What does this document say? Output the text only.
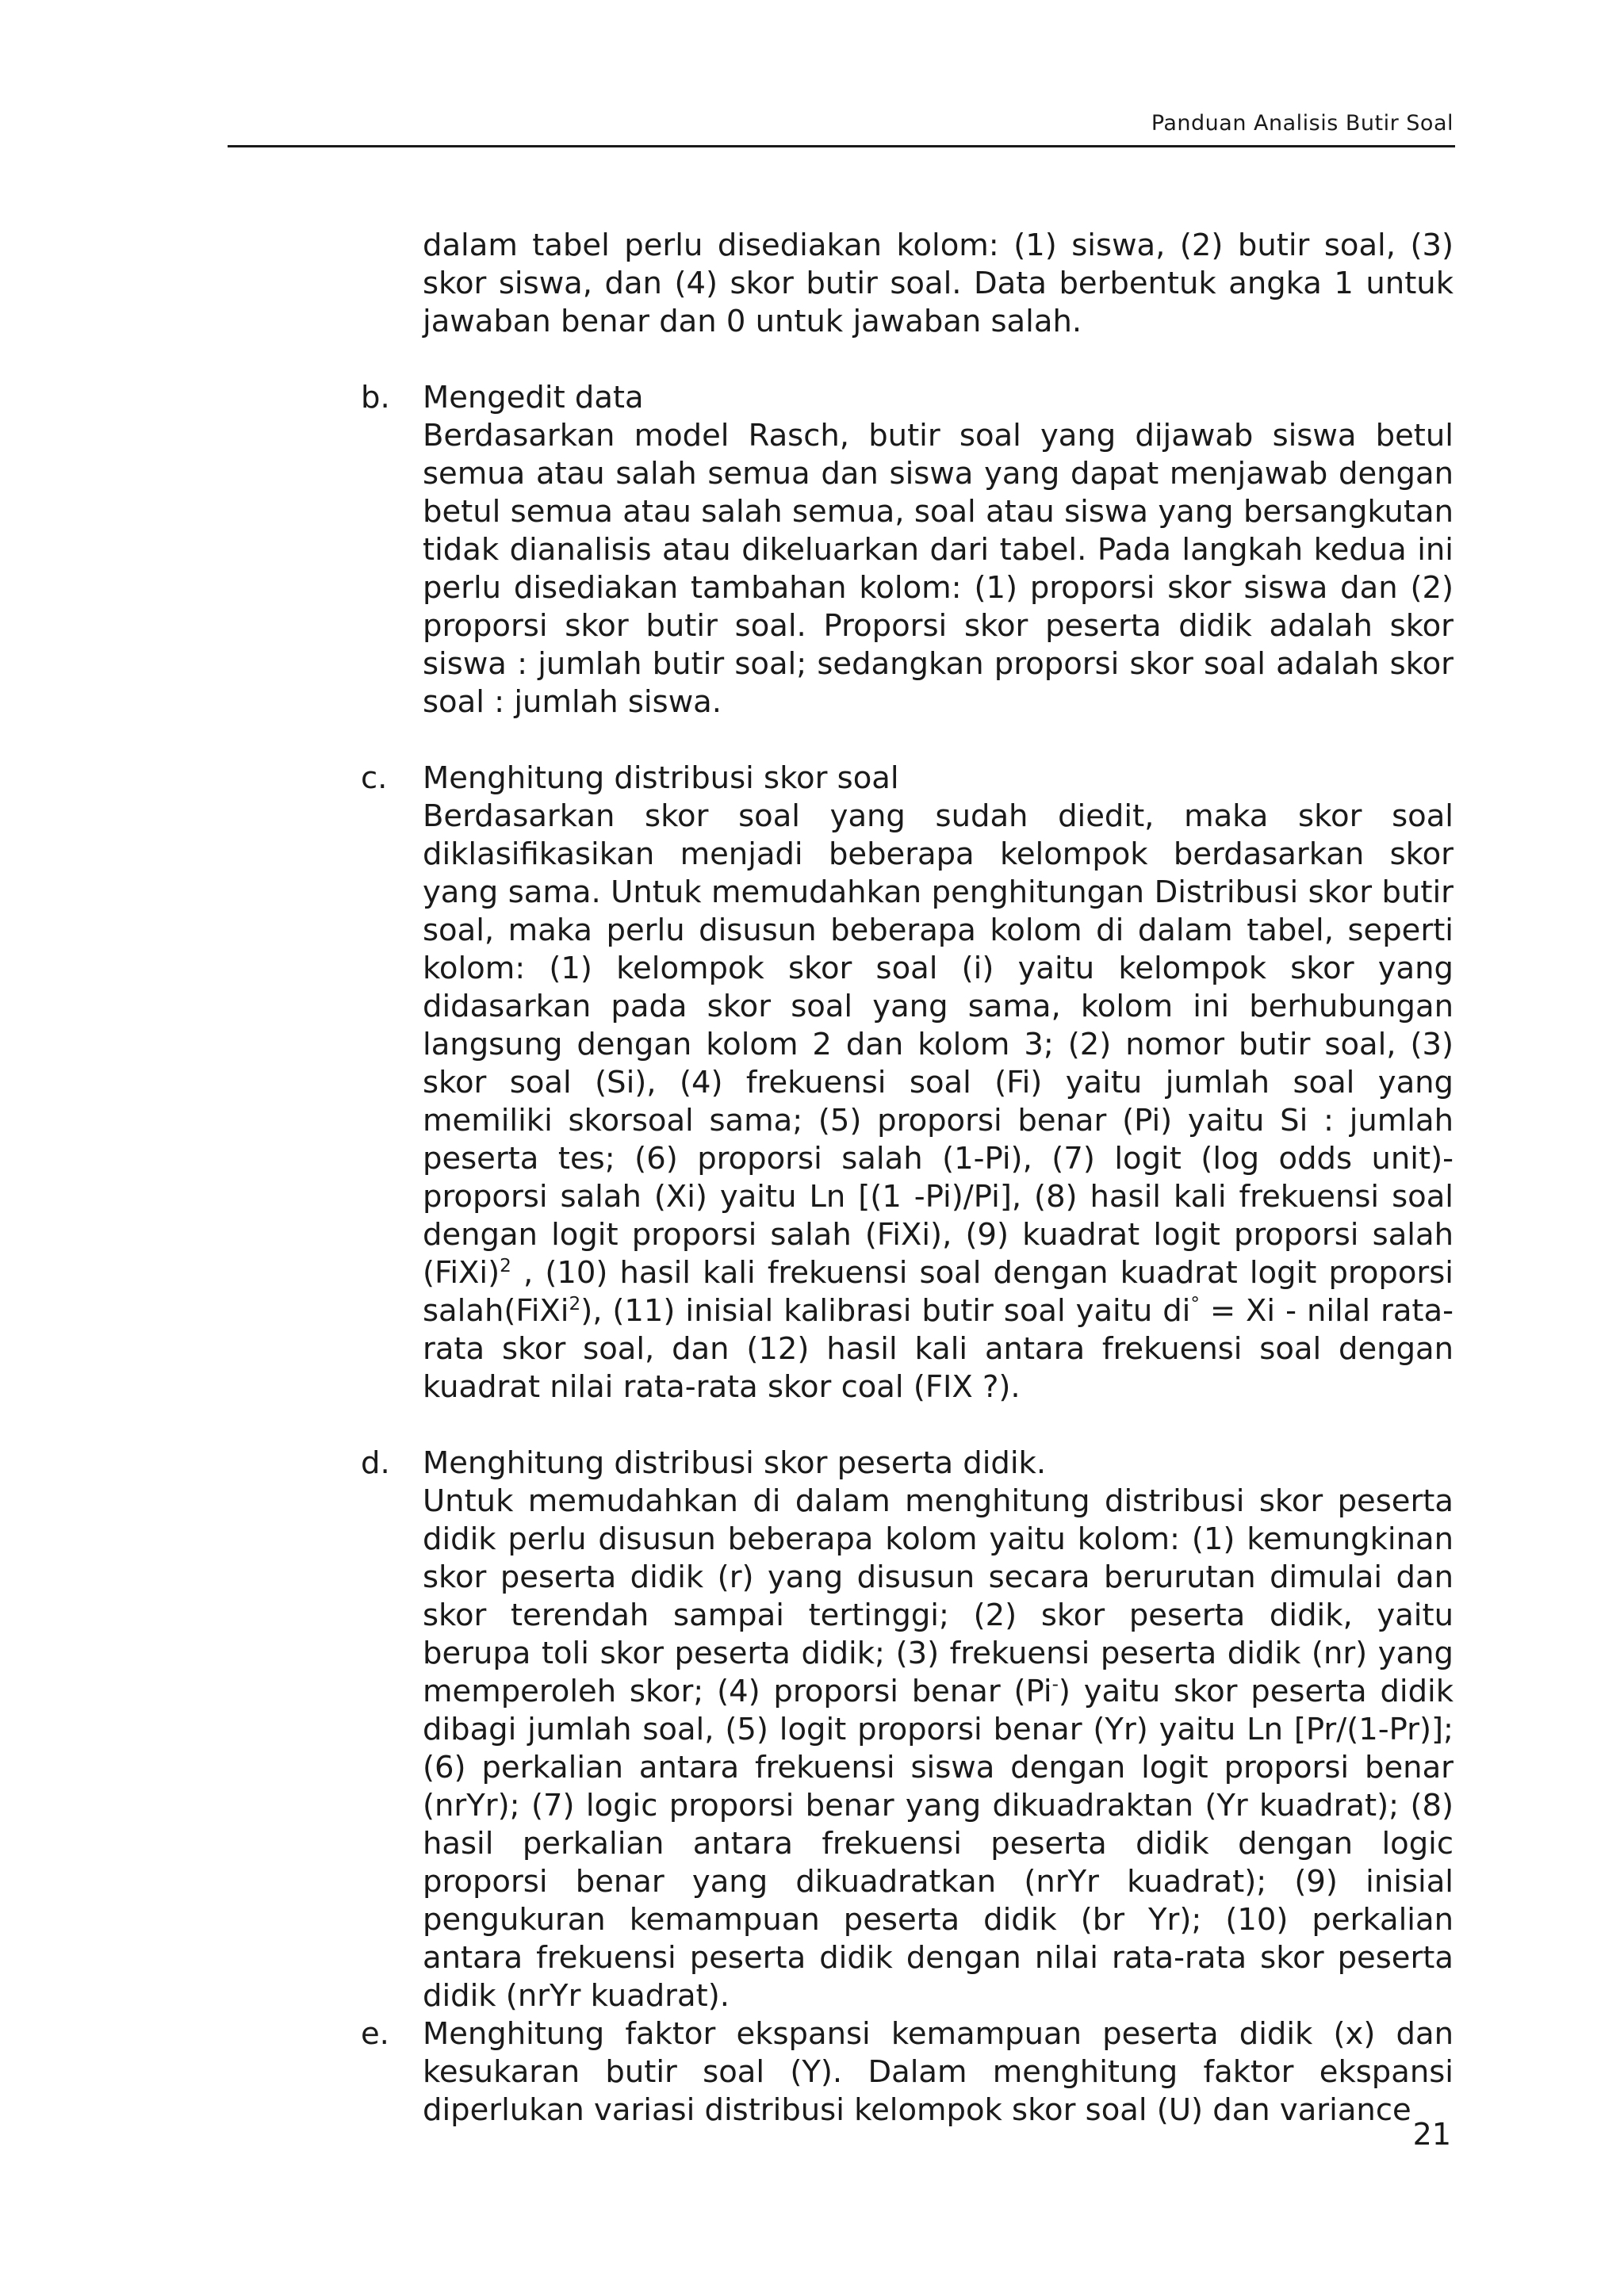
Panduan Analisis Butir Soal

dalam tabel perlu disediakan kolom: (1) siswa, (2) butir soal, (3) skor siswa, dan (4) skor butir soal. Data berbentuk angka 1 untuk jawaban benar dan 0 untuk jawaban salah.

b. Mengedit data

Berdasarkan model Rasch, butir soal yang dijawab siswa betul semua atau salah semua dan siswa yang dapat menjawab dengan betul semua atau salah semua, soal atau siswa yang bersangkutan tidak dianalisis atau dikeluarkan dari tabel. Pada langkah kedua ini perlu disediakan tambahan kolom: (1) proporsi skor siswa dan (2) proporsi skor butir soal. Proporsi skor peserta didik adalah skor siswa : jumlah butir soal; sedangkan proporsi skor soal adalah skor soal : jumlah siswa.

c. Menghitung distribusi skor soal

Berdasarkan skor soal yang sudah diedit, maka skor soal diklasifikasikan menjadi beberapa kelompok berdasarkan skor yang sama. Untuk memudahkan penghitungan Distribusi skor butir soal, maka perlu disusun beberapa kolom di dalam tabel, seperti kolom: (1) kelompok skor soal (i) yaitu kelompok skor yang didasarkan pada skor soal yang sama, kolom ini berhubungan langsung dengan kolom 2 dan kolom 3; (2) nomor butir soal, (3) skor soal (Si), (4) frekuensi soal (Fi) yaitu jumlah soal yang memiliki skorsoal sama; (5) proporsi benar (Pi) yaitu Si : jumlah peserta tes; (6) proporsi salah (1-Pi), (7) logit (log odds unit)-proporsi salah (Xi) yaitu Ln [(1 -Pi)/Pi], (8) hasil kali frekuensi soal dengan logit proporsi salah (FiXi), (9) kuadrat logit proporsi salah (FiXi)$^2$ , (10) hasil kali frekuensi soal dengan kuadrat logit proporsi salah(FiXi$^2$), (11) inisial kalibrasi butir soal yaitu di° = Xi - nilal rata-rata skor soal, dan (12) hasil kali antara frekuensi soal dengan kuadrat nilai rata-rata skor coal (FIX ?).

d. Menghitung distribusi skor peserta didik.

Untuk memudahkan di dalam menghitung distribusi skor peserta didik perlu disusun beberapa kolom yaitu kolom: (1) kemungkinan skor peserta didik (r) yang disusun secara berurutan dimulai dan skor terendah sampai tertinggi; (2) skor peserta didik, yaitu berupa toli skor peserta didik; (3) frekuensi peserta didik (nr) yang memperoleh skor; (4) proporsi benar (Pi-) yaitu skor peserta didik dibagi jumlah soal, (5) logit proporsi benar (Yr) yaitu Ln [Pr/(1-Pr)]; (6) perkalian antara frekuensi siswa dengan logit proporsi benar (nrYr); (7) logic proporsi benar yang dikuadraktan (Yr kuadrat); (8) hasil perkalian antara frekuensi peserta didik dengan logic proporsi benar yang dikuadratkan (nrYr kuadrat); (9) inisial pengukuran kemampuan peserta didik (br Yr); (10) perkalian antara frekuensi peserta didik dengan nilai rata-rata skor peserta didik (nrYr kuadrat).

e. Menghitung faktor ekspansi kemampuan peserta didik (x) dan kesukaran butir soal (Y). Dalam menghitung faktor ekspansi diperlukan variasi distribusi kelompok skor soal (U) dan variance

21
